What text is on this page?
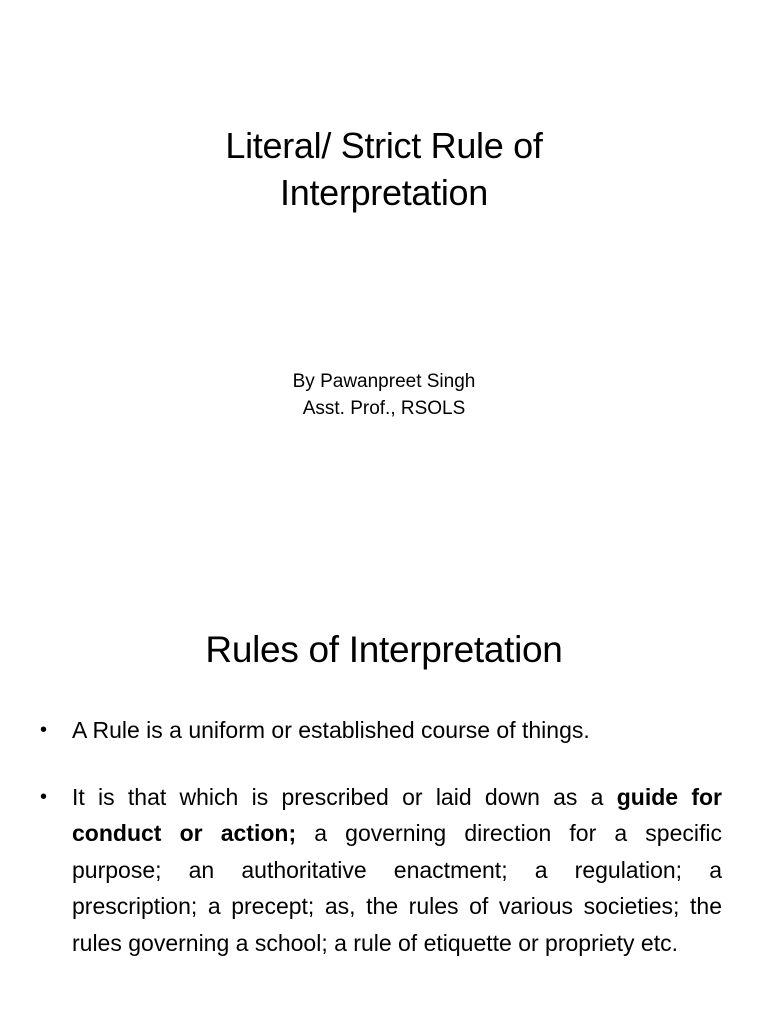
Literal/ Strict Rule of
Interpretation
By Pawanpreet Singh
Asst. Prof., RSOLS
Rules of Interpretation
• A Rule is a uniform or established course of things.
• It is that which is prescribed or laid down as a guide for conduct or action; a governing direction for a specific purpose; an authoritative enactment; a regulation; a prescription; a precept; as, the rules of various societies; the rules governing a school; a rule of etiquette or propriety etc.
